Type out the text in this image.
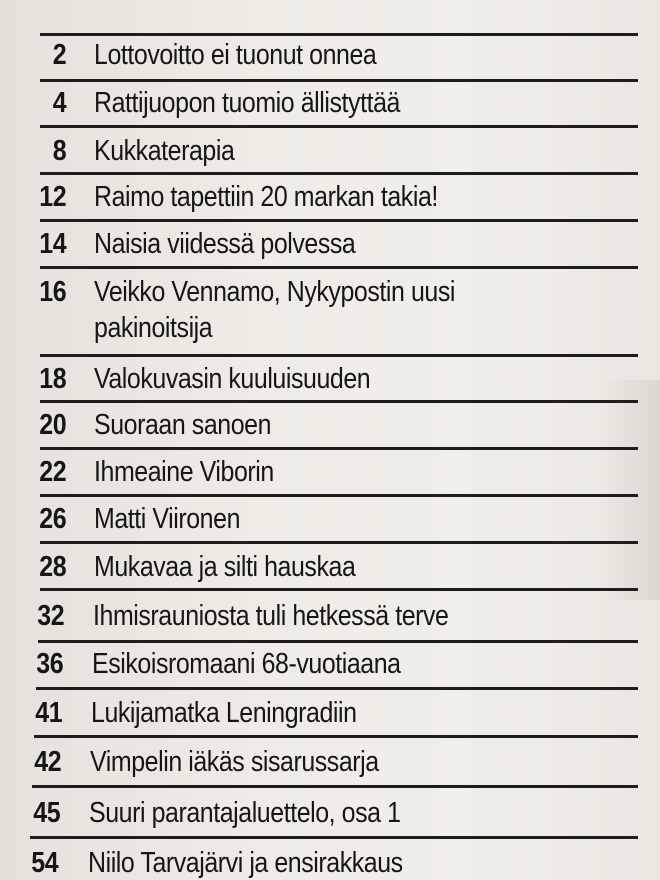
2 Lottovoitto ei tuonut onnea
4 Rattijuopon tuomio ällistyttää
8 Kukkaterapia
12 Raimo tapettiin 20 markan takia!
14 Naisia viidessä polvessa
16 Veikko Vennamo, Nykypostin uusi
pakinoitsija
18 Valokuvasin kuuluisuuden
20 Suoraan sanoen
22 Ihmeaine Viborin
26 Matti Viironen
28 Mukavaa ja silti hauskaa
32 Ihmisrauniosta tuli hetkessä terve
36 Esikoisromaani 68-vuotiaana
41 Lukijamatka Leningradiin
42 Vimpelin iäkäs sisarussarja
45 Suuri parantajaluettelo, osa 1
54 Niilo Tarvajärvi ja ensirakkaus
